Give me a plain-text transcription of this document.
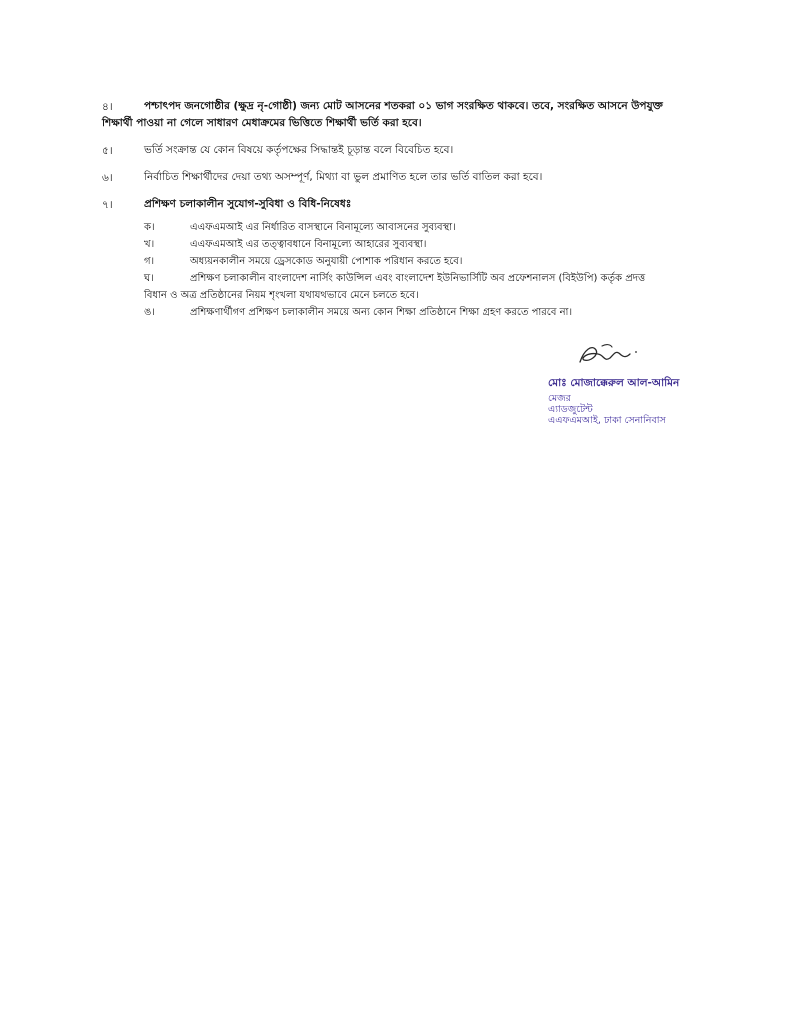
৪।	পশ্চাৎপদ জনগোষ্ঠীর (ক্ষুদ্র নৃ-গোষ্ঠী) জন্য মোট আসনের শতকরা ০১ ভাগ সংরক্ষিত থাকবে। তবে, সংরক্ষিত আসনে উপযুক্ত
শিক্ষার্থী পাওয়া না গেলে সাধারণ মেধাক্রমের ভিত্তিতে শিক্ষার্থী ভর্তি করা হবে।
৫।	ভর্তি সংক্রান্ত যে কোন বিষয়ে কর্তৃপক্ষের সিদ্ধান্তই চূড়ান্ত বলে বিবেচিত হবে।
৬।	নির্বাচিত শিক্ষার্থীদের দেয়া তথ্য অসম্পূর্ণ, মিথ্যা বা ভুল প্রমাণিত হলে তার ভর্তি বাতিল করা হবে।
৭।	প্রশিক্ষণ চলাকালীন সুযোগ-সুবিধা ও বিধি-নিষেধঃ
ক।	এএফএমআই এর নির্ধারিত বাসস্থানে বিনামূল্যে আবাসনের সুব্যবস্থা।
খ।	এএফএমআই এর তত্ত্বাবধানে বিনামূল্যে আহারের সুব্যবস্থা।
গ।	অধ্যয়নকালীন সময়ে ড্রেসকোড অনুযায়ী পোশাক পরিধান করতে হবে।
ঘ।	প্রশিক্ষণ চলাকালীন বাংলাদেশ নার্সিং কাউন্সিল এবং বাংলাদেশ ইউনিভার্সিটি অব প্রফেশনালস (বিইউপি) কর্তৃক প্রদত্ত
বিধান ও অত্র প্রতিষ্ঠানের নিয়ম শৃংখলা যথাযথভাবে মেনে চলতে হবে।
ঙ।	প্রশিক্ষণার্থীগণ প্রশিক্ষণ চলাকালীন সময়ে অন্য কোন শিক্ষা প্রতিষ্ঠানে শিক্ষা গ্রহণ করতে পারবে না।
মোঃ মোজাক্কেরুল আল-আমিন
মেজর
এ্যাডজুটেন্ট
এএফএমআই, ঢাকা সেনানিবাস
